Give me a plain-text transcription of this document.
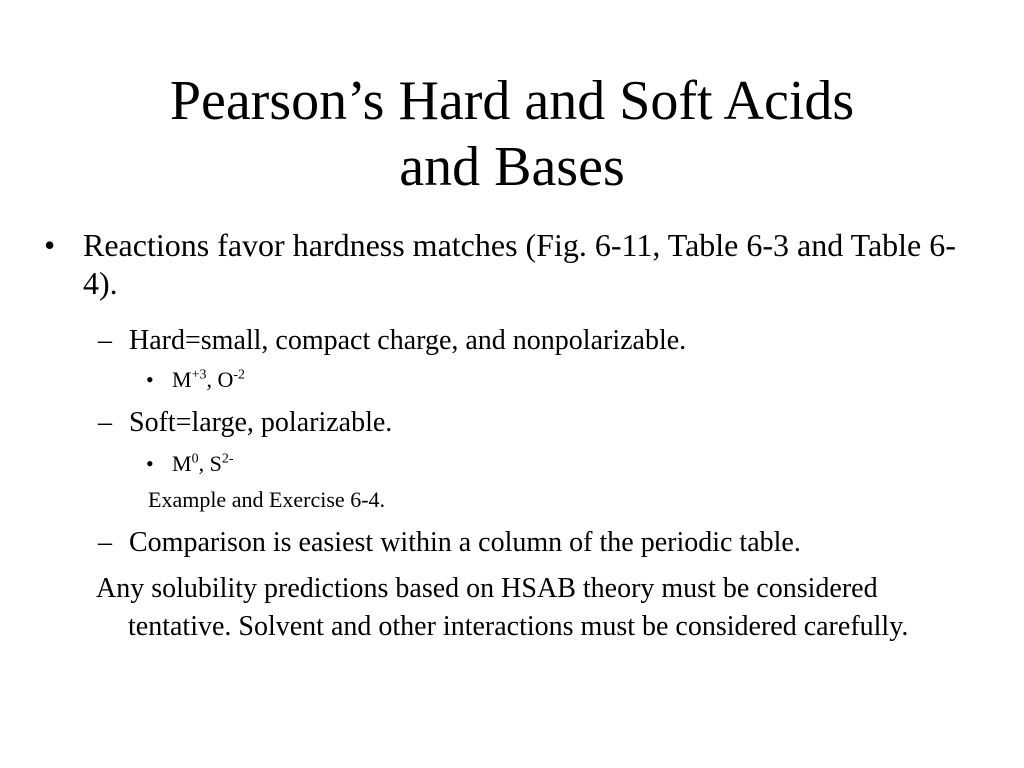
Pearson’s Hard and Soft Acids
and Bases

• Reactions favor hardness matches (Fig. 6-11, Table 6-3 and Table 6-4).

– Hard=small, compact charge, and nonpolarizable.

• $M^{+3}$, $O^{-2}$

– Soft=large, polarizable.

• $M^0$, $S^{2-}$

Example and Exercise 6-4.

– Comparison is easiest within a column of the periodic table.

Any solubility predictions based on HSAB theory must be considered tentative. Solvent and other interactions must be considered carefully.
